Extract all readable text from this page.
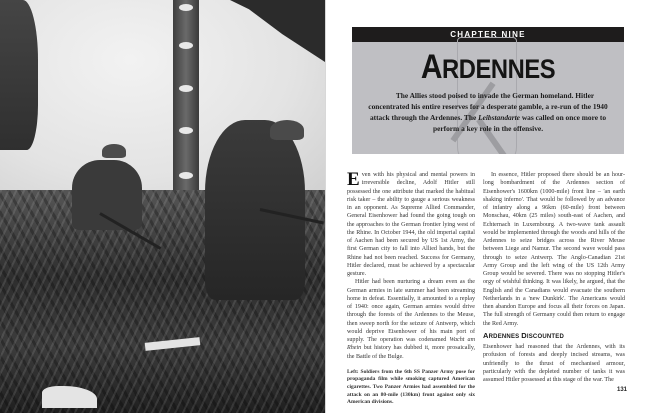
CHAPTER NINE
ARDENNES

The Allies stood poised to invade the German homeland. Hitler concentrated his entire reserves for a desperate gamble, a re-run of the 1940 attack through the Ardennes. The Leibstandarte was called on once more to perform a key role in the offensive.

Even with his physical and mental powers in irreversible decline, Adolf Hitler still possessed the one attribute that marked the habitual risk taker – the ability to gauge a serious weakness in an opponent. As Supreme Allied Commander, General Eisenhower had found the going tough on the approaches to the German frontier lying west of the Rhine. In October 1944, the old imperial capital of Aachen had been secured by US 1st Army, the first German city to fall into Allied hands, but the Rhine had not been reached. Success for Germany, Hitler declared, must be achieved by a spectacular gesture.

Hitler had been nurturing a dream even as the German armies in late summer had been streaming home in defeat. Essentially, it amounted to a replay of 1940: once again, German armies would drive through the forests of the Ardennes to the Meuse, then sweep north for the seizure of Antwerp, which would deprive Eisenhower of his main port of supply. The operation was codenamed Wacht am Rhein but history has dubbed it, more prosaically, the Battle of the Bulge.

Left: Soldiers from the 6th SS Panzer Army pose for propaganda film while smoking captured American cigarettes. Two Panzer Armies had assembled for the attack on an 80-mile (130km) front against only six American divisions.

In essence, Hitler proposed there should be an hour-long bombardment of the Ardennes section of Eisenhower's 1600km (1000-mile) front line – 'an earth shaking inferno'. That would be followed by an advance of infantry along a 96km (60-mile) front between Monschau, 40km (25 miles) south-east of Aachen, and Echternach in Luxembourg. A two-wave tank assault would be implemented through the woods and hills of the Ardennes to seize bridges across the River Meuse between Liege and Namur. The second wave would pass through to seize Antwerp. The Anglo-Canadian 21st Army Group and the left wing of the US 12th Army Group would be severed. There was no stopping Hitler's orgy of wishful thinking. It was likely, he argued, that the English and the Canadians would evacuate the southern Netherlands in a 'new Dunkirk'. The Americans would then abandon Europe and focus all their forces on Japan. The full strength of Germany could then return to engage the Red Army.

ARDENNES DISCOUNTED

Eisenhower had reasoned that the Ardennes, with its profusion of forests and deeply incised streams, was unfriendly to the thrust of mechanised armour, particularly with the depleted number of tanks it was assumed Hitler possessed at this stage of the war. The

131
